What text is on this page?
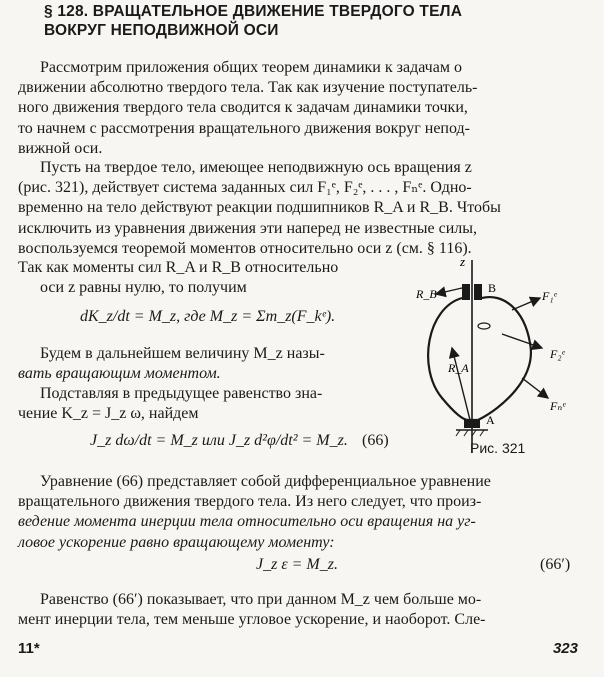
§ 128. ВРАЩАТЕЛЬНОЕ ДВИЖЕНИЕ ТВЕРДОГО ТЕЛА
ВОКРУГ НЕПОДВИЖНОЙ ОСИ
Рассмотрим приложения общих теорем динамики к задачам о
движении абсолютно твердого тела. Так как изучение поступатель-
ного движения твердого тела сводится к задачам динамики точки,
то начнем с рассмотрения вращательного движения вокруг непод-
вижной оси.
Пусть на твердое тело, имеющее неподвижную ось вращения z
(рис. 321), действует система заданных сил F₁ᵉ, F₂ᵉ, . . . , Fₙᵉ. Одно-
временно на тело действуют реакции подшипников R_A и R_B. Чтобы
исключить из уравнения движения эти наперед не известные силы,
воспользуемся теоремой моментов относительно оси z (см. § 116).
Так как моменты сил R_A и R_B относительно
оси z равны нулю, то получим
dK_z/dt = M_z, где M_z = Σm_z(F_kᵉ).
Будем в дальнейшем величину M_z назы-
вать вращающим моментом.
Подставляя в предыдущее равенство зна-
чение K_z = J_z ω, найдем
J_z dω/dt = M_z или J_z d²φ/dt² = M_z. (66)
Уравнение (66) представляет собой дифференциальное уравнение
вращательного движения твердого тела. Из него следует, что произ-
ведение момента инерции тела относительно оси вращения на уг-
ловое ускорение равно вращающему моменту:
J_z ε = M_z.	(66′)
Равенство (66′) показывает, что при данном M_z чем больше мо-
мент инерции тела, тем меньше угловое ускорение, и наоборот. Сле-
z
B
A
R_B
R_A
F₁ᵉ
F₂ᵉ
Fₙᵉ
Рис. 321
11*	323
